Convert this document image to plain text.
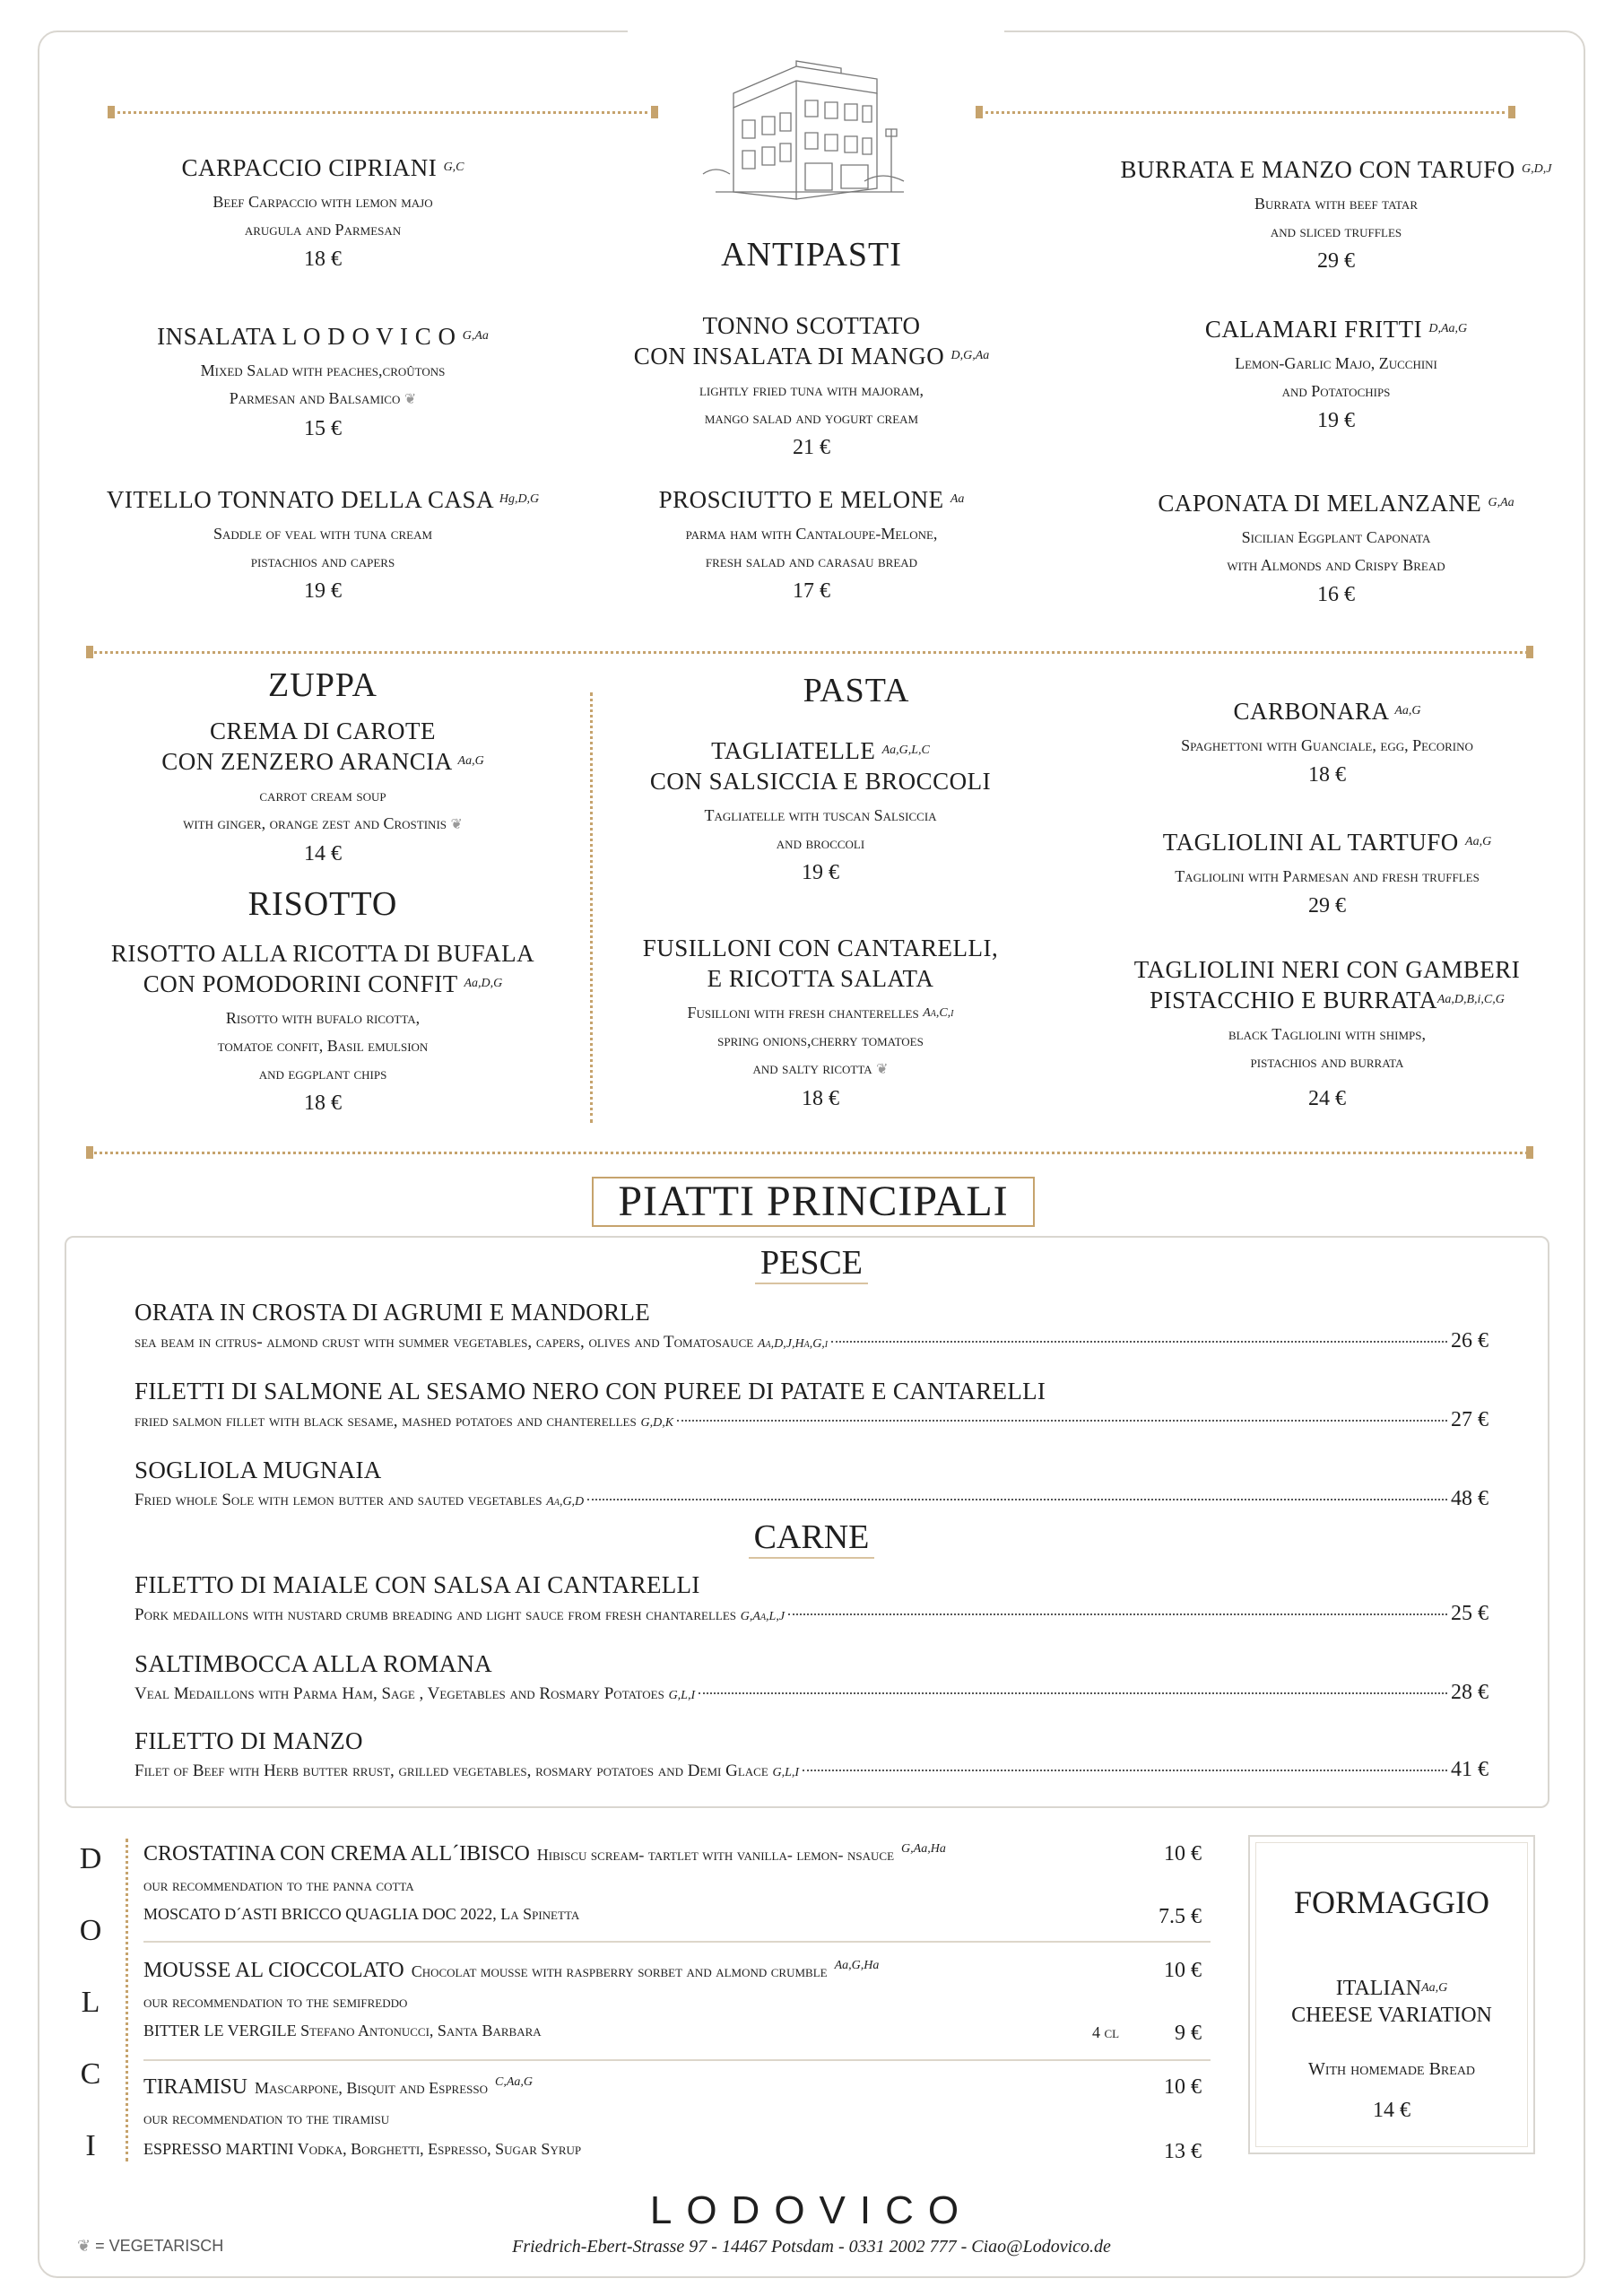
ANTIPASTI
CARPACCIO CIPRIANI $^{G,C}$
Beef Carpaccio with lemon majo
arugula and Parmesan
18 €
INSALATA L O D O V I C O $^{G,Aa}$
Mixed Salad with peaches,croûtons
Parmesan and Balsamico ❦
15 €
VITELLO TONNATO DELLA CASA $^{Hg,D,G}$
Saddle of veal with tuna cream
pistachios and capers
19 €
TONNO SCOTTATO
CON INSALATA DI MANGO $^{D,G,Aa}$
lightly fried tuna with majoram,
mango salad and yogurt cream
21 €
PROSCIUTTO E MELONE $^{Aa}$
parma ham with Cantaloupe-Melone,
fresh salad and carasau bread
17 €
BURRATA E MANZO CON TARUFO $^{G,D,J}$
Burrata with beef tatar
and sliced truffles
29 €
CALAMARI FRITTI $^{D,Aa,G}$
Lemon-Garlic Majo, Zucchini
and Potatochips
19 €
CAPONATA DI MELANZANE $^{G,Aa}$
Sicilian Eggplant Caponata
with Almonds and Crispy Bread
16 €
ZUPPA
CREMA DI CAROTE
CON ZENZERO ARANCIA $^{Aa,G}$
carrot cream soup
with ginger, orange zest and Crostinis ❦
14 €
RISOTTO
RISOTTO ALLA RICOTTA DI BUFALA
CON POMODORINI CONFIT $^{Aa,D,G}$
Risotto with bufalo ricotta,
tomatoe confit, Basil emulsion
and eggplant chips
18 €
PASTA
TAGLIATELLE $^{Aa,G,L,C}$
CON SALSICCIA E BROCCOLI
Tagliatelle with tuscan Salsiccia
and broccoli
19 €
FUSILLONI CON CANTARELLI,
E RICOTTA SALATA
Fusilloni with fresh chanterelles $^{Aa,C,i}$
spring onions,cherry tomatoes
and salty ricotta ❦
18 €
CARBONARA $^{Aa,G}$
Spaghettoni with Guanciale, egg, Pecorino
18 €
TAGLIOLINI AL TARTUFO $^{Aa,G}$
Tagliolini with Parmesan and fresh truffles
29 €
TAGLIOLINI NERI CON GAMBERI
PISTACCHIO E $BURRATA^{Aa,D,B,i,C,G}$
black Tagliolini with shimps,
pistachios and burrata
24 €
PIATTI PRINCIPALI
PESCE
ORATA IN CROSTA DI AGRUMI E MANDORLE
sea beam in citrus- almond crust with summer vegetables, capers, olives and Tomatosauce
Aa,D,J,Ha,G,i	26 €
FILETTI DI SALMONE AL SESAMO NERO CON PUREE DI PATATE E CANTARELLI
fried salmon fillet with black sesame, mashed potatoes and chanterelles
G,D,K	27 €
SOGLIOLA MUGNAIA
Fried whole Sole with lemon butter and sauted vegetables
Aa,G,D	48 €
CARNE
FILETTO DI MAIALE CON SALSA AI CANTARELLI
Pork medaillons with nustard crumb breading and light sauce from fresh chantarelles
G,Aa,L,J	25 €
SALTIMBOCCA ALLA ROMANA
Veal Medaillons with Parma Ham, Sage , Vegetables and Rosmary Potatoes
G,L,I	28 €
FILETTO DI MANZO
Filet of Beef with Herb butter rrust, grilled vegetables, rosmary potatoes and Demi Glace
G,L,I	41 €
D
O
L
C
I
CROSTATINA CON CREMA ALL´IBISCO Hibiscu scream- tartlet with vanilla- lemon- nsauce $^{G,Aa,Ha}$	10 €
our recommendation to the panna cotta
MOSCATO D´ASTI BRICCO QUAGLIA DOC 2022, La Spinetta	7.5 €
MOUSSE AL CIOCCOLATO Chocolat mousse with raspberry sorbet and almond crumble $^{Aa,G,Ha}$	10 €
our recommendation to the semifreddo
BITTER LE VERGILE Stefano Antonucci, Santa Barbara	4 cl	9 €
TIRAMISU Mascarpone, Bisquit and Espresso $^{C,Aa,G}$	10 €
our recommendation to the tiramisu
ESPRESSO MARTINI Vodka, Borghetti, Espresso, Sugar Syrup	13 €
FORMAGGIO
$ITALIAN^{Aa,G}$
CHEESE VARIATION
With homemade Bread
14 €
LODOVICO
Friedrich-Ebert-Strasse 97 - 14467 Potsdam - 0331 2002 777 - Ciao@Lodovico.de
❦ = VEGETARISCH
